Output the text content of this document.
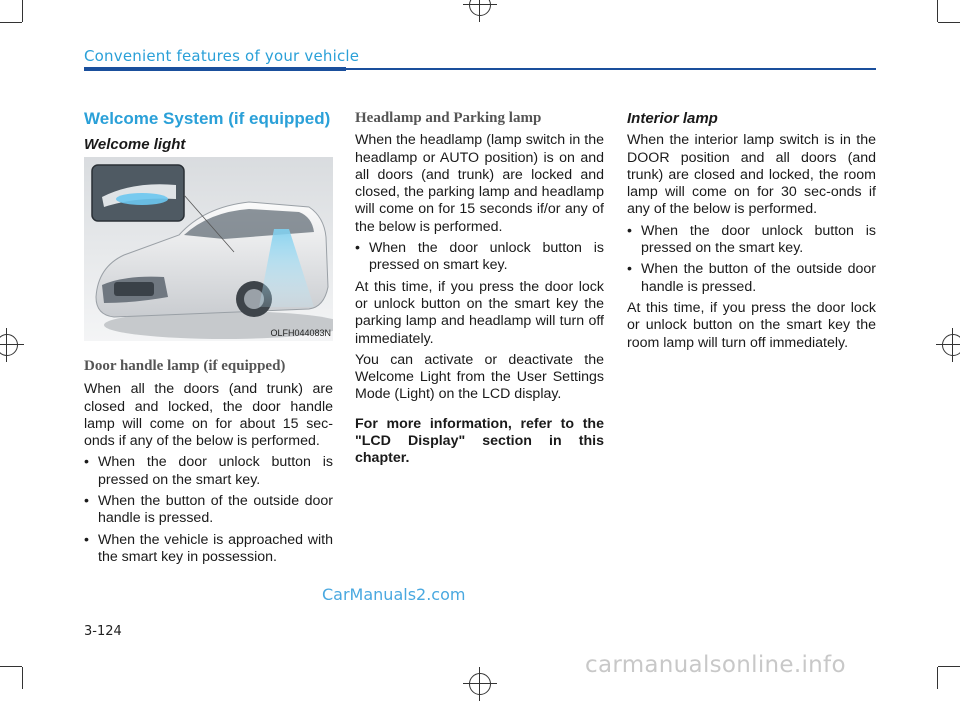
Convenient features of your vehicle
Welcome System (if equipped)
Welcome light
OLFH044083N
Door handle lamp (if equipped)

When all the doors (and trunk) are closed and locked, the door handle lamp will come on for about 15 sec-onds if any of the below is performed.

• When the door unlock button is pressed on the smart key.
• When the button of the outside door handle is pressed.
• When the vehicle is approached with the smart key in possession.
Headlamp and Parking lamp

When the headlamp (lamp switch in the headlamp or AUTO position) is on and all doors (and trunk) are locked and closed, the parking lamp and headlamp will come on for 15 seconds if/or any of the below is performed.

• When the door unlock button is pressed on smart key.

At this time, if you press the door lock or unlock button on the smart key the parking lamp and headlamp will turn off immediately.

You can activate or deactivate the Welcome Light from the User Settings Mode (Light) on the LCD display.

For more information, refer to the "LCD Display" section in this chapter.

Interior lamp

When the interior lamp switch is in the DOOR position and all doors (and trunk) are closed and locked, the room lamp will come on for 30 sec-onds if any of the below is performed.

• When the door unlock button is pressed on the smart key.
• When the button of the outside door handle is pressed.

At this time, if you press the door lock or unlock button on the smart key the room lamp will turn off immediately.

CarManuals2.com
3-124
carmanualsonline.info
